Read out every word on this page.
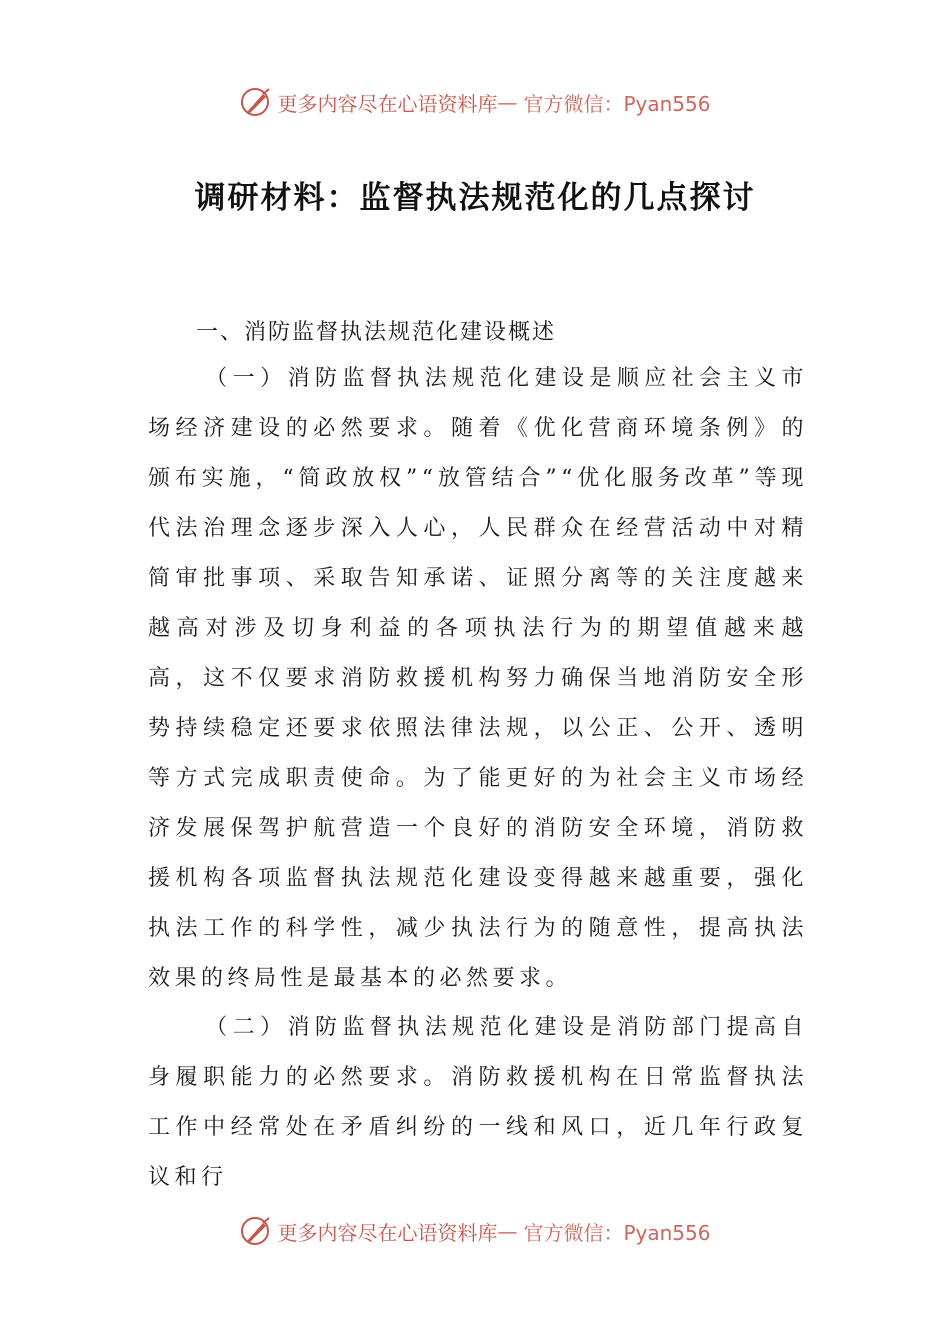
更多内容尽在心语资料库 — 官方微信：Pyan556
调研材料：监督执法规范化的几点探讨

一、消防监督执法规范化建设概述

（一）消防监督执法规范化建设是顺应社会主义市场经济建设的必然要求。随着《优化营商环境条例》的颁布实施，“简政放权”“放管结合”“优化服务改革”等现代法治理念逐步深入人心，人民群众在经营活动中对精简审批事项、采取告知承诺、证照分离等的关注度越来越高对涉及切身利益的各项执法行为的期望值越来越高，这不仅要求消防救援机构努力确保当地消防安全形势持续稳定还要求依照法律法规，以公正、公开、透明等方式完成职责使命。为了能更好的为社会主义市场经济发展保驾护航营造一个良好的消防安全环境，消防救援机构各项监督执法规范化建设变得越来越重要，强化执法工作的科学性，减少执法行为的随意性，提高执法效果的终局性是最基本的必然要求。

（二）消防监督执法规范化建设是消防部门提高自身履职能力的必然要求。消防救援机构在日常监督执法工作中经常处在矛盾纠纷的一线和风口，近几年行政复议和行

更多内容尽在心语资料库 — 官方微信：Pyan556
